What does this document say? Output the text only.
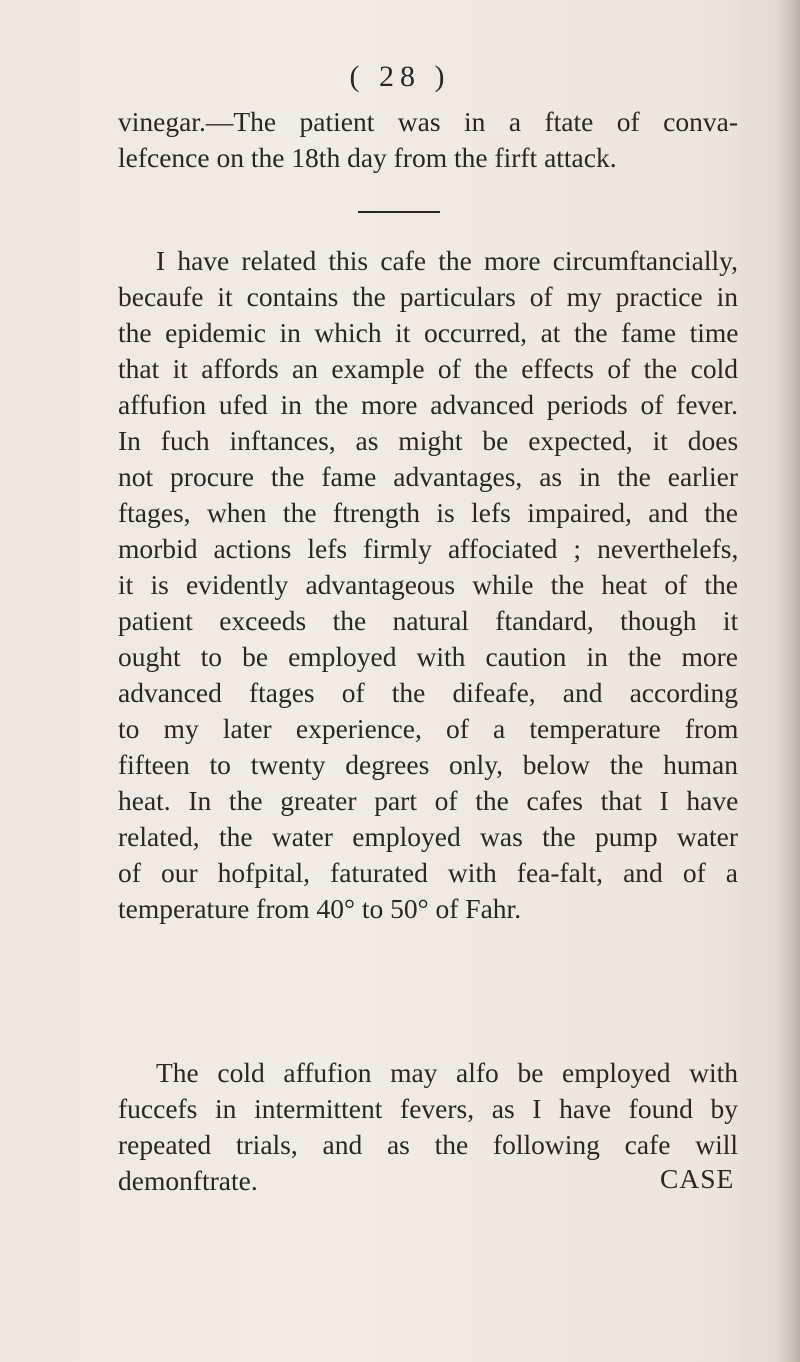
( 28 )
vinegar.—The patient was in a ftate of conva-
lefcence on the 18th day from the firft attack.
I have related this cafe the more circumftancially,
becaufe it contains the particulars of my practice in
the epidemic in which it occurred, at the fame time
that it affords an example of the effects of the cold
affufion ufed in the more advanced periods of fever.
In fuch inftances, as might be expected, it does
not procure the fame advantages, as in the earlier
ftages, when the ftrength is lefs impaired, and the
morbid actions lefs firmly affociated ; neverthelefs,
it is evidently advantageous while the heat of the
patient exceeds the natural ftandard, though it
ought to be employed with caution in the more
advanced ftages of the difeafe, and according
to my later experience, of a temperature from
fifteen to twenty degrees only, below the human
heat. In the greater part of the cafes that I have
related, the water employed was the pump water
of our hofpital, faturated with fea-falt, and of a
temperature from 40° to 50° of Fahr.
The cold affufion may alfo be employed with
fuccefs in intermittent fevers, as I have found by
repeated trials, and as the following cafe will
demonftrate.	CASE
